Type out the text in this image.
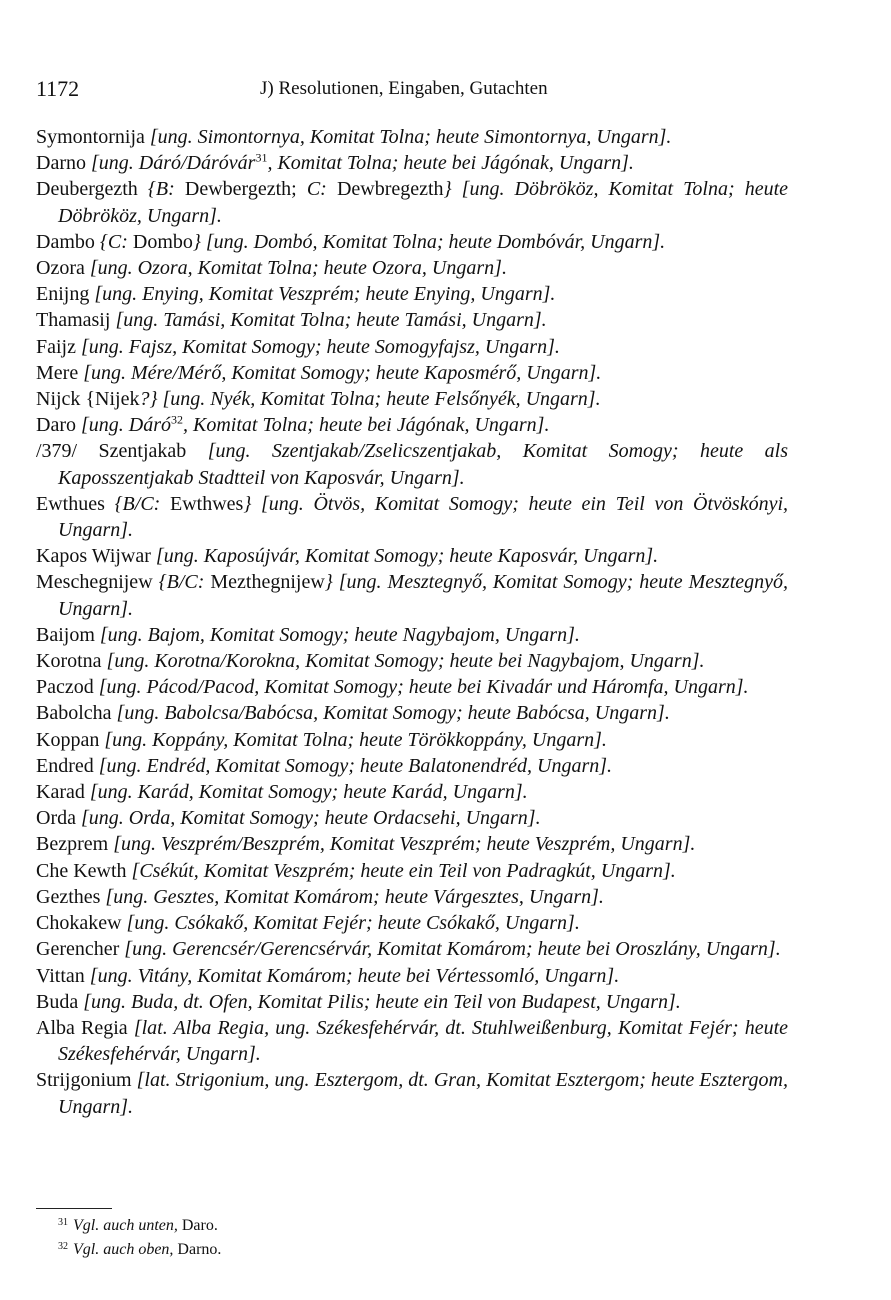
1172	J) Resolutionen, Eingaben, Gutachten

Symontornija [ung. Simontornya, Komitat Tolna; heute Simontornya, Ungarn].

Darno [ung. Dáró/Dáróvár$^{31}$, Komitat Tolna; heute bei Jágónak, Ungarn].

Deubergezth {B: Dewbergezth; C: Dewbregezth} [ung. Döbrököz, Komitat Tolna; heute Döbrököz, Ungarn].

Dambo {C: Dombo} [ung. Dombó, Komitat Tolna; heute Dombóvár, Ungarn].

Ozora [ung. Ozora, Komitat Tolna; heute Ozora, Ungarn].

Enijng [ung. Enying, Komitat Veszprém; heute Enying, Ungarn].

Thamasij [ung. Tamási, Komitat Tolna; heute Tamási, Ungarn].

Faijz [ung. Fajsz, Komitat Somogy; heute Somogyfajsz, Ungarn].

Mere [ung. Mére/Mérő, Komitat Somogy; heute Kaposmérő, Ungarn].

Nijck {Nijek?} [ung. Nyék, Komitat Tolna; heute Felsőnyék, Ungarn].

Daro [ung. Dáró$^{32}$, Komitat Tolna; heute bei Jágónak, Ungarn].

/379/ Szentjakab [ung. Szentjakab/Zselicszentjakab, Komitat Somogy; heute als Kaposszentjakab Stadtteil von Kaposvár, Ungarn].

Ewthues {B/C: Ewthwes} [ung. Ötvös, Komitat Somogy; heute ein Teil von Ötvöskónyi, Ungarn].

Kapos Wijwar [ung. Kaposújvár, Komitat Somogy; heute Kaposvár, Ungarn].

Meschegnijew {B/C: Mezthegnijew} [ung. Mesztegnyő, Komitat Somogy; heute Mesztegnyő, Ungarn].

Baijom [ung. Bajom, Komitat Somogy; heute Nagybajom, Ungarn].

Korotna [ung. Korotna/Korokna, Komitat Somogy; heute bei Nagybajom, Ungarn].

Paczod [ung. Pácod/Pacod, Komitat Somogy; heute bei Kivadár und Háromfa, Ungarn].

Babolcha [ung. Babolcsa/Babócsa, Komitat Somogy; heute Babócsa, Ungarn].

Koppan [ung. Koppány, Komitat Tolna; heute Törökkoppány, Ungarn].

Endred [ung. Endréd, Komitat Somogy; heute Balatonendréd, Ungarn].

Karad [ung. Karád, Komitat Somogy; heute Karád, Ungarn].

Orda [ung. Orda, Komitat Somogy; heute Ordacsehi, Ungarn].

Bezprem [ung. Veszprém/Beszprém, Komitat Veszprém; heute Veszprém, Ungarn].

Che Kewth [Csékút, Komitat Veszprém; heute ein Teil von Padragkút, Ungarn].

Gezthes [ung. Gesztes, Komitat Komárom; heute Várgesztes, Ungarn].

Chokakew [ung. Csókakő, Komitat Fejér; heute Csókakő, Ungarn].

Gerencher [ung. Gerencsér/Gerencsérvár, Komitat Komárom; heute bei Oroszlány, Ungarn].

Vittan [ung. Vitány, Komitat Komárom; heute bei Vértessomló, Ungarn].

Buda [ung. Buda, dt. Ofen, Komitat Pilis; heute ein Teil von Budapest, Ungarn].

Alba Regia [lat. Alba Regia, ung. Székesfehérvár, dt. Stuhlweißenburg, Komitat Fejér; heute Székesfehérvár, Ungarn].

Strijgonium [lat. Strigonium, ung. Esztergom, dt. Gran, Komitat Esztergom; heute Esztergom, Ungarn].

$^{31}$ Vgl. auch unten, Daro.
$^{32}$ Vgl. auch oben, Darno.
